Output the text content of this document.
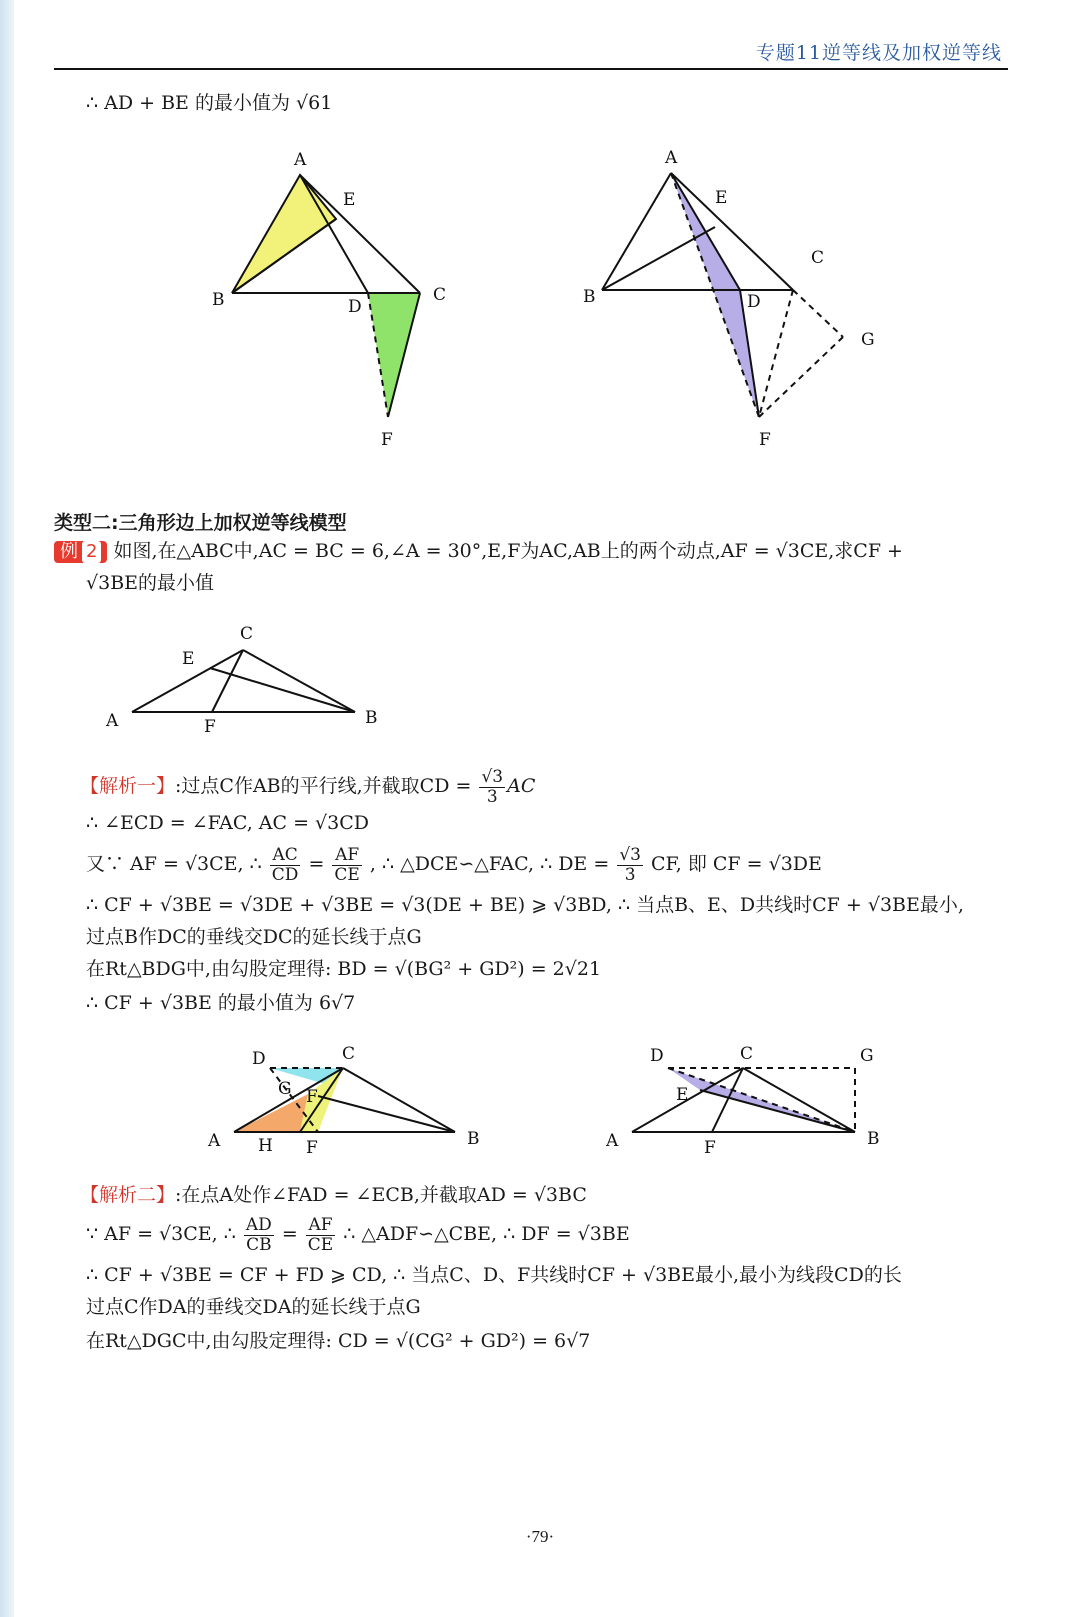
专题11逆等线及加权逆等线
∴ AD + BE 的最小值为 √61
A
E
B	D
C
F
A
E
C
B	D
G
F
类型二:三角形边上加权逆等线模型
例 2 如图,在△ABC中,AC = BC = 6,∠A = 30°,E,F为AC,AB上的两个动点,AF = √3CE,求CF +
√3BE的最小值
C
E
A	F	B
【解析一】:过点C作AB的平行线,并截取CD = $\frac{√3}{3}$ AC
∴ ∠ECD = ∠FAC, AC = √3CD
又∵ AF = √3CE, ∴ $\frac{AC}{CD} = \frac{AF}{CE}$ , ∴ △DCE∽△FAC, ∴ DE = $\frac{√3}{3}$ CF, 即 CF = √3DE
∴ CF + √3BE = √3DE + √3BE = √3(DE + BE) ⩾ √3BD, ∴ 当点B、E、D共线时CF + √3BE最小,
过点B作DC的垂线交DC的延长线于点G
在Rt△BDG中,由勾股定理得: BD = √(BG² + GD²) = 2√21
∴ CF + √3BE 的最小值为 6√7
D	C
G F
A H F	B
D	C	G
E
A	F	B
【解析二】:在点A处作∠FAD = ∠ECB,并截取AD = √3BC
∵ AF = √3CE, ∴ $\frac{AD}{CB} = \frac{AF}{CE}$ ∴ △ADF∽△CBE, ∴ DF = √3BE
∴ CF + √3BE = CF + FD ⩾ CD, ∴ 当点C、D、F共线时CF + √3BE最小,最小为线段CD的长
过点C作DA的垂线交DA的延长线于点G
在Rt△DGC中,由勾股定理得: CD = √(CG² + GD²) = 6√7
·79·
